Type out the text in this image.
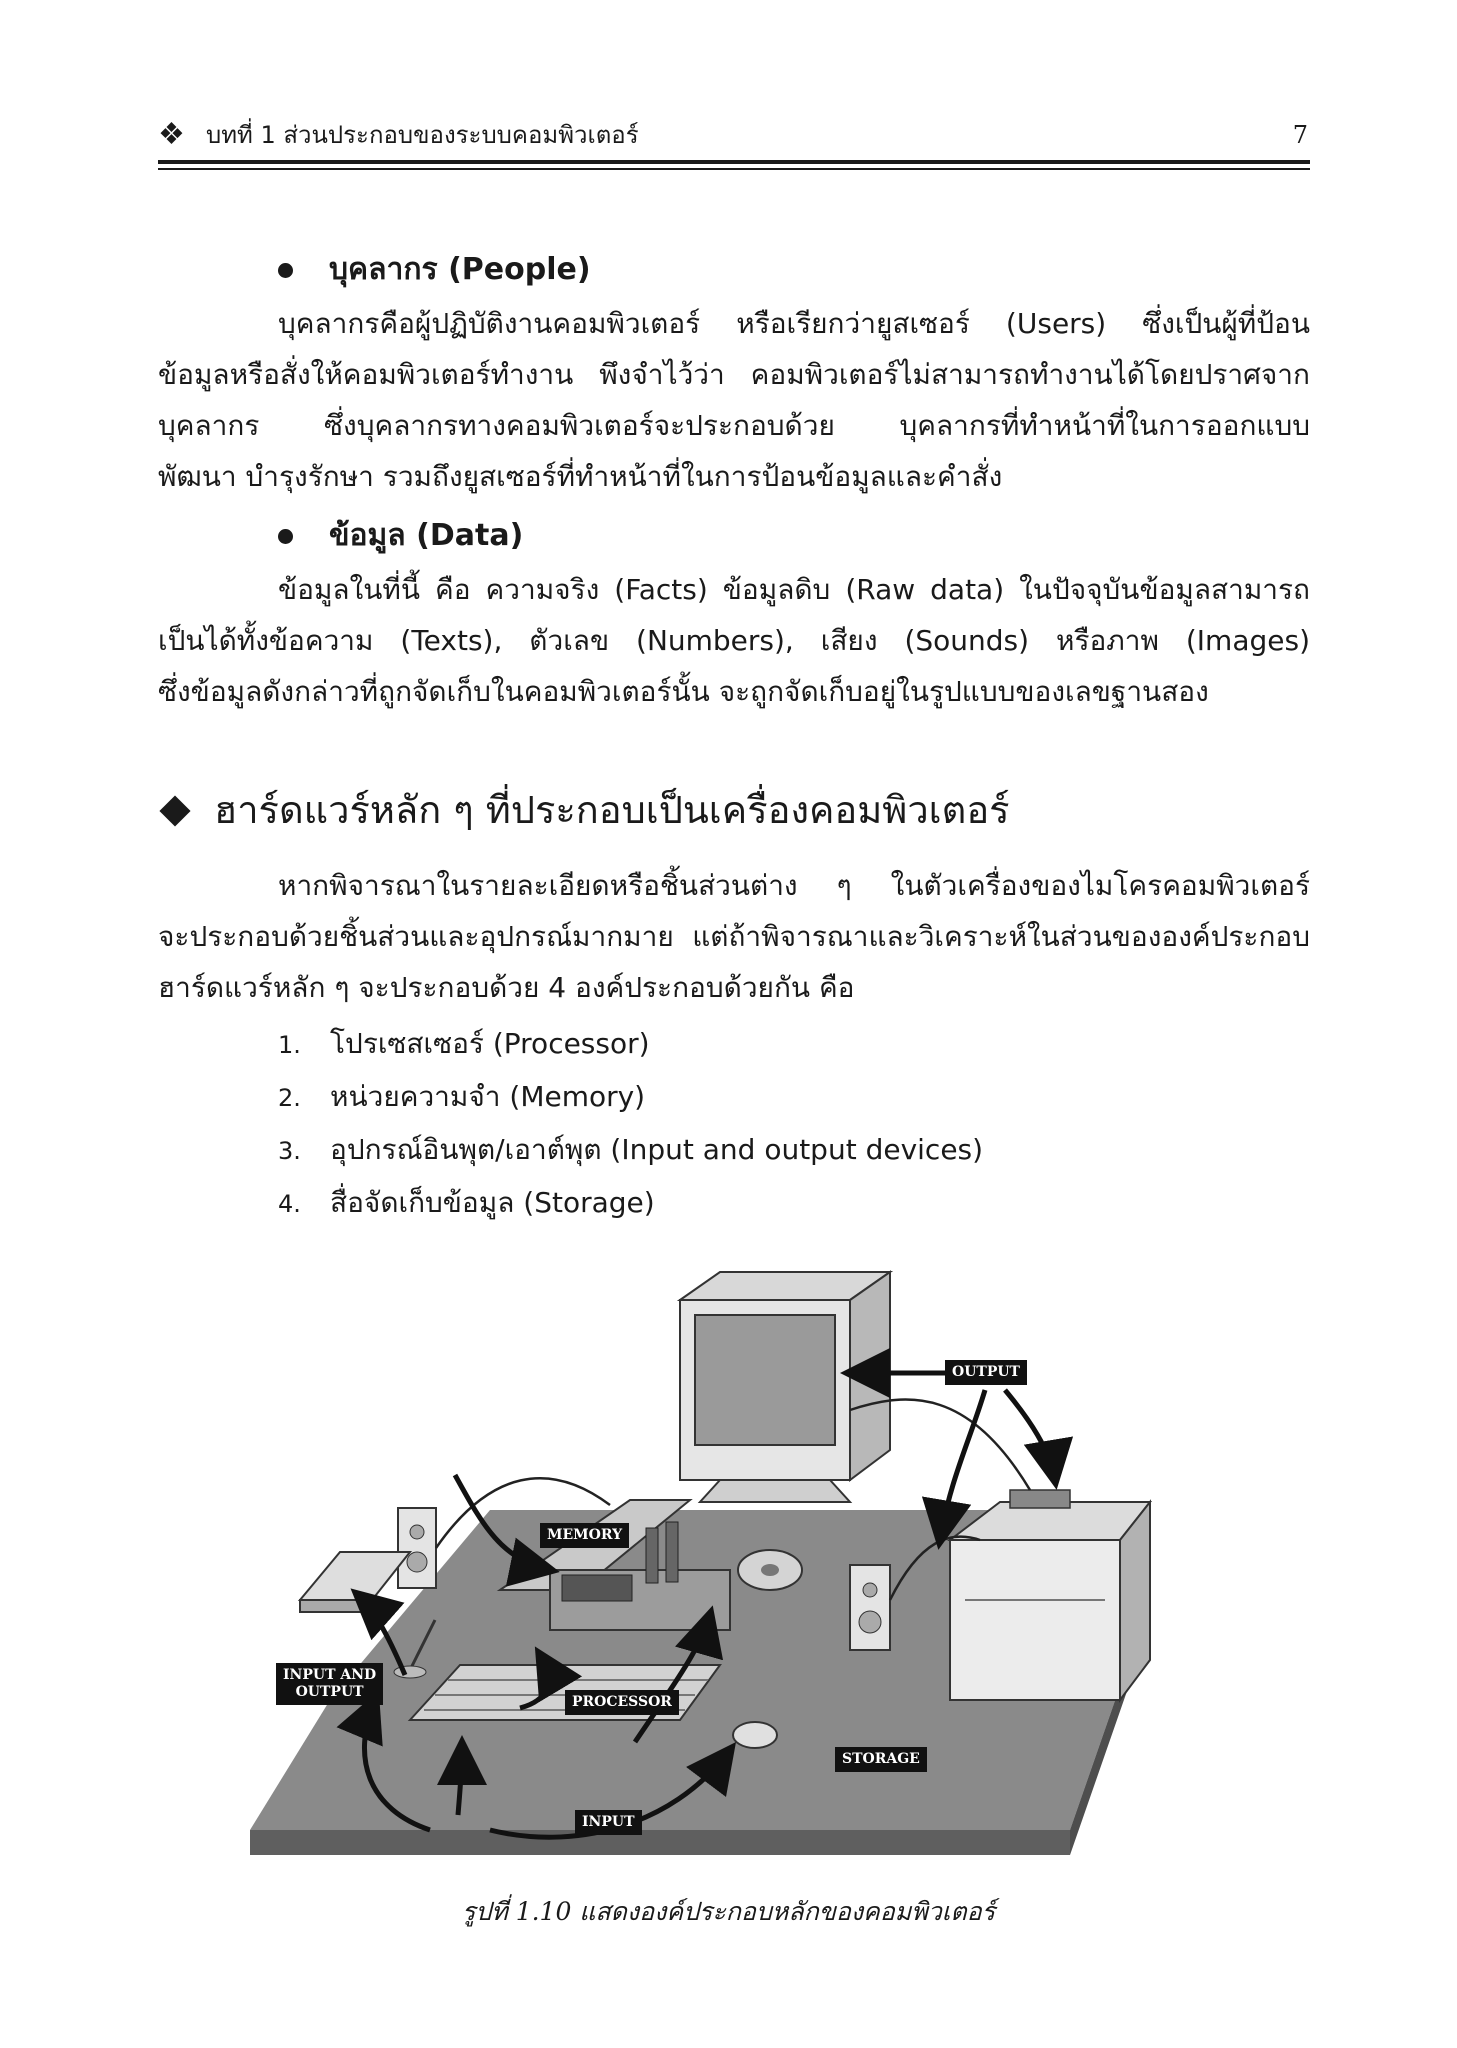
❖ บทที่ 1 ส่วนประกอบของระบบคอมพิวเตอร์	7
บุคลากร (People)

บุคลากรคือผู้ปฏิบัติงานคอมพิวเตอร์ หรือเรียกว่ายูสเซอร์ (Users) ซึ่งเป็นผู้ที่ป้อน

ข้อมูลหรือสั่งให้คอมพิวเตอร์ทำงาน พึงจำไว้ว่า คอมพิวเตอร์ไม่สามารถทำงานได้โดยปราศจาก

บุคลากร ซึ่งบุคลากรทางคอมพิวเตอร์จะประกอบด้วย บุคลากรที่ทำหน้าที่ในการออกแบบ

พัฒนา บำรุงรักษา รวมถึงยูสเซอร์ที่ทำหน้าที่ในการป้อนข้อมูลและคำสั่ง

ข้อมูล (Data)

ข้อมูลในที่นี้ คือ ความจริง (Facts) ข้อมูลดิบ (Raw data) ในปัจจุบันข้อมูลสามารถ

เป็นได้ทั้งข้อความ (Texts), ตัวเลข (Numbers), เสียง (Sounds) หรือภาพ (Images)

ซึ่งข้อมูลดังกล่าวที่ถูกจัดเก็บในคอมพิวเตอร์นั้น จะถูกจัดเก็บอยู่ในรูปแบบของเลขฐานสอง

ฮาร์ดแวร์หลัก ๆ ที่ประกอบเป็นเครื่องคอมพิวเตอร์

หากพิจารณาในรายละเอียดหรือชิ้นส่วนต่าง ๆ ในตัวเครื่องของไมโครคอมพิวเตอร์

จะประกอบด้วยชิ้นส่วนและอุปกรณ์มากมาย แต่ถ้าพิจารณาและวิเคราะห์ในส่วนขององค์ประกอบ

ฮาร์ดแวร์หลัก ๆ จะประกอบด้วย 4 องค์ประกอบด้วยกัน คือ

1. โปรเซสเซอร์ (Processor)
2. หน่วยความจำ (Memory)
3. อุปกรณ์อินพุต/เอาต์พุต (Input and output devices)
4. สื่อจัดเก็บข้อมูล (Storage)
OUTPUT
MEMORY
INPUT AND
OUTPUT
PROCESSOR
STORAGE
INPUT
รูปที่ 1.10 แสดงองค์ประกอบหลักของคอมพิวเตอร์
